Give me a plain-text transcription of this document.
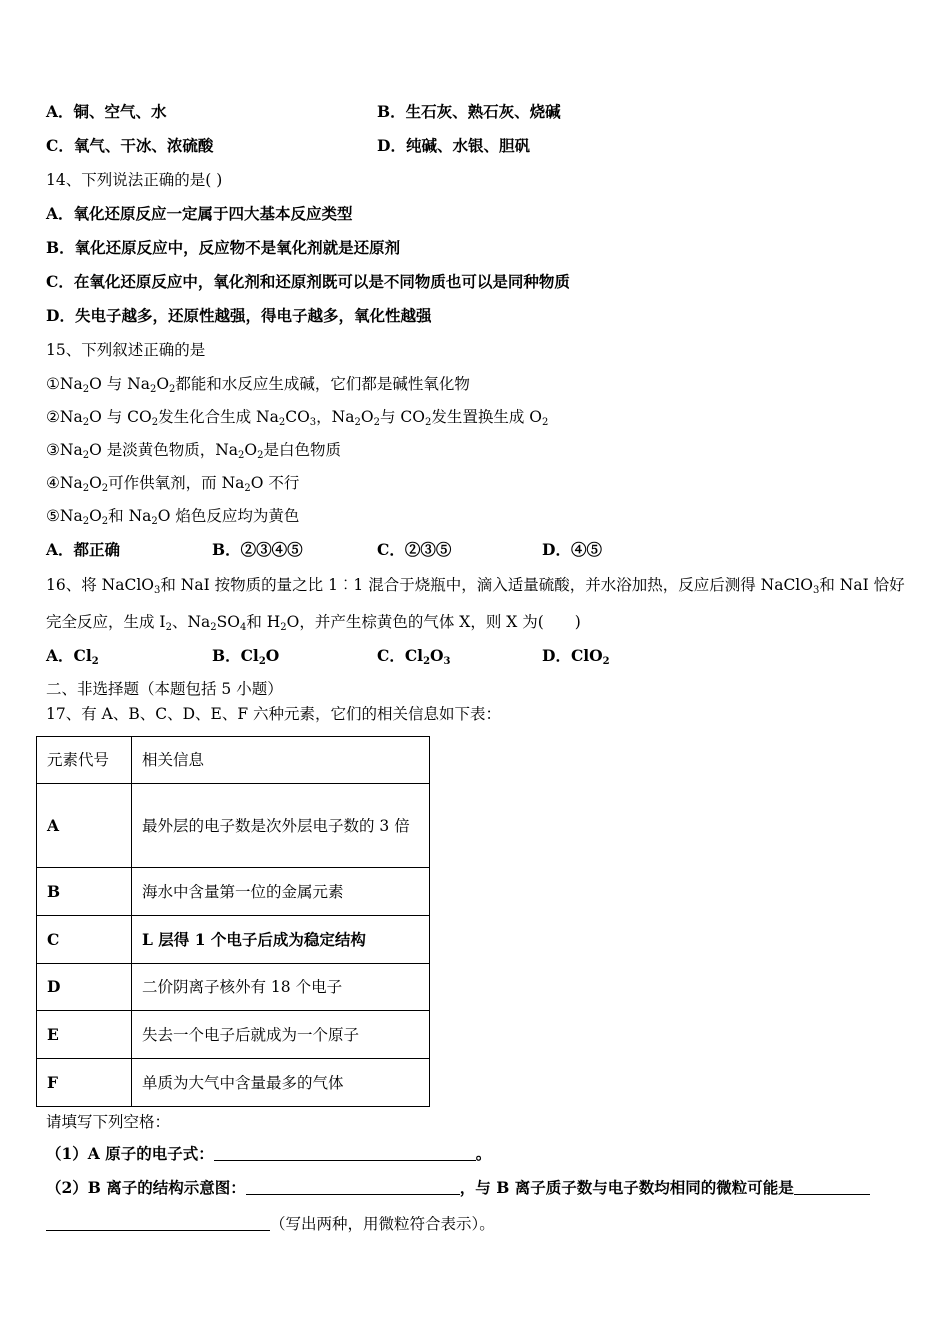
A．铜、空气、水	B．生石灰、熟石灰、烧碱
C．氧气、干冰、浓硫酸	D．纯碱、水银、胆矾
14、下列说法正确的是( )
A．氧化还原反应一定属于四大基本反应类型
B．氧化还原反应中，反应物不是氧化剂就是还原剂
C．在氧化还原反应中，氧化剂和还原剂既可以是不同物质也可以是同种物质
D．失电子越多，还原性越强，得电子越多，氧化性越强
15、下列叙述正确的是
$①Na_2O$ 与 $Na_2O_2$都能和水反应生成碱，它们都是碱性氧化物
$②Na_2O$ 与 $CO_2$发生化合生成 $Na_2CO_3$，$Na_2O_2$与 $CO_2$发生置换生成 $O_2$
$③Na_2O$ 是淡黄色物质，$Na_2O_2$是白色物质
$④Na_2O_2$可作供氧剂，而 $Na_2O$ 不行
$⑤Na_2O_2$和 $Na_2O$ 焰色反应均为黄色
A．都正确	B．②③④⑤	C．②③⑤	D．④⑤
16、将 NaClO$_3$和 NaI 按物质的量之比 1︰1 混合于烧瓶中，滴入适量硫酸，并水浴加热，反应后测得 NaClO$_3$和 NaI 恰好
完全反应，生成 $I_2$、$Na_2SO_4$和 $H_2O$，并产生棕黄色的气体 X，则 X 为(　　)
A．$Cl_2$	B．$Cl_2O$	C．$Cl_2O_3$	D．ClO$_2$
二、非选择题（本题包括 5 小题）
17、有 A、B、C、D、E、F 六种元素，它们的相关信息如下表：
元素代号	相关信息
A	最外层的电子数是次外层电子数的 3 倍
B	海水中含量第一位的金属元素
C	L 层得 1 个电子后成为稳定结构
D	二价阴离子核外有 18 个电子
E	失去一个电子后就成为一个原子
F	单质为大气中含量最多的气体
请填写下列空格：
（1）A 原子的电子式：	。
（2）B 离子的结构示意图：	，与 B 离子质子数与电子数均相同的微粒可能是
（写出两种，用微粒符合表示）。
